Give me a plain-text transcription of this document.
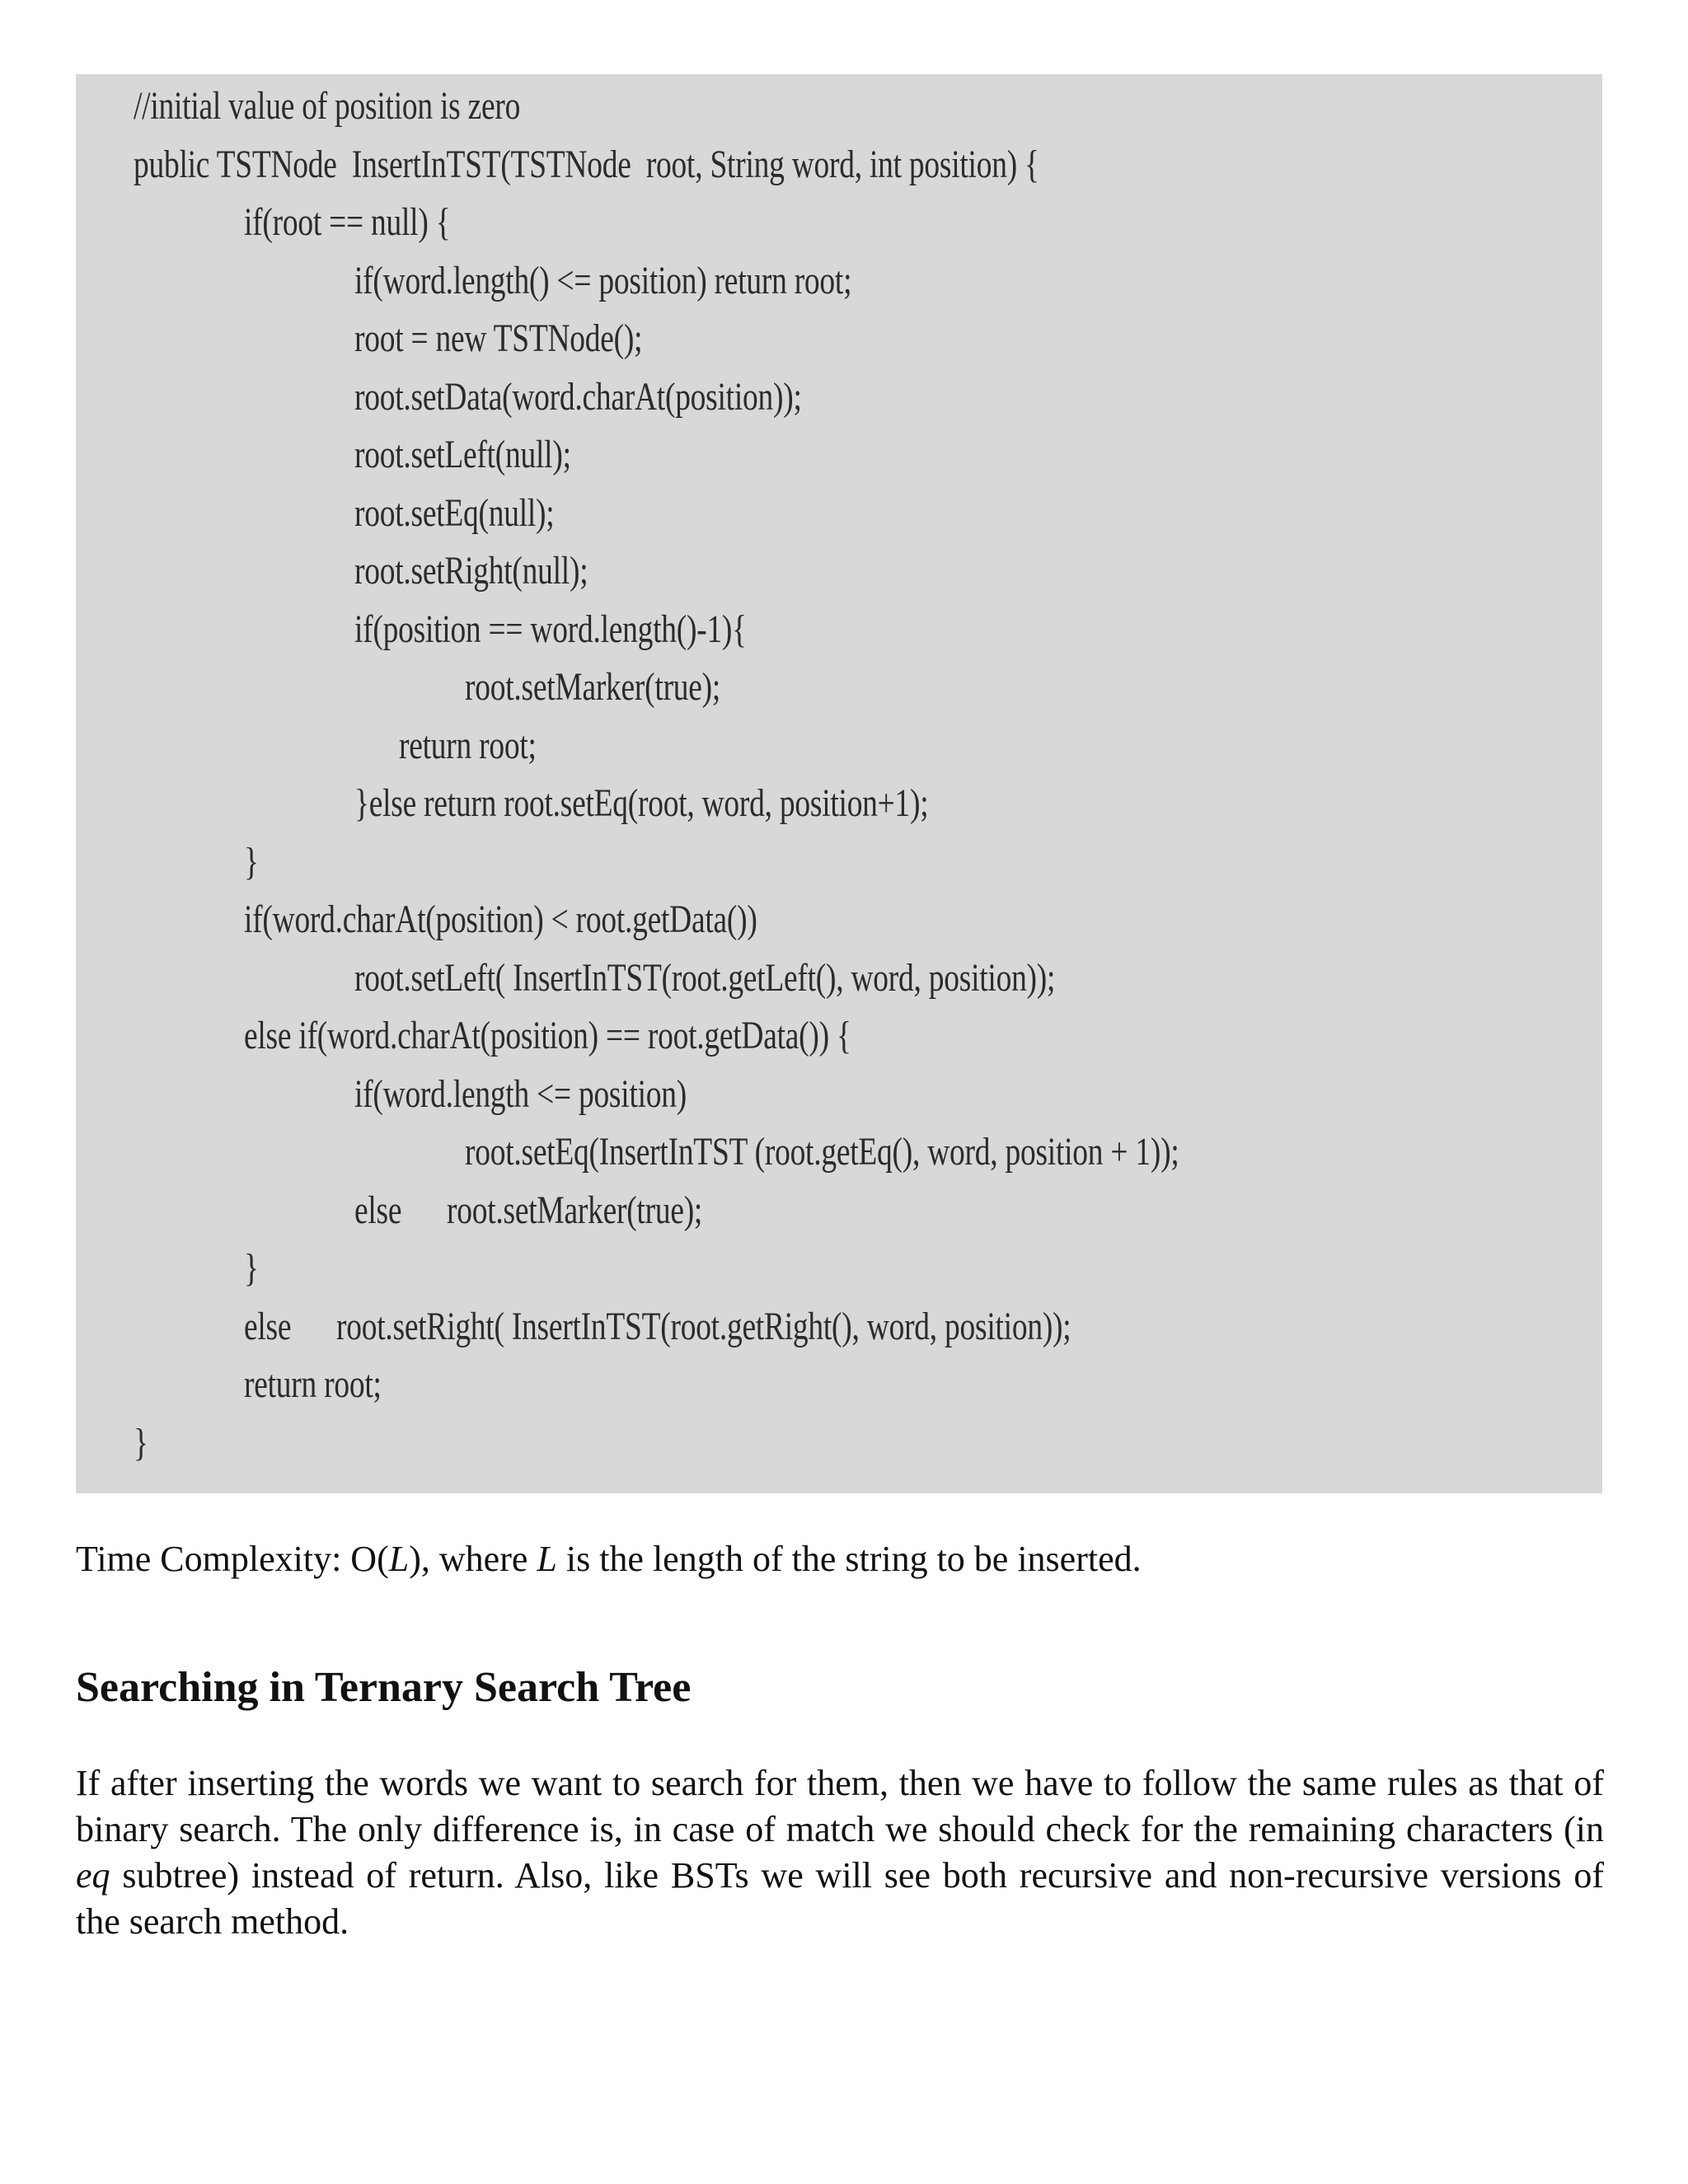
//initial value of position is zero

public TSTNode  InsertInTST(TSTNode  root, String word, int position) {

if(root == null) {

if(word.length() <= position) return root;

root = new TSTNode();

root.setData(word.charAt(position));

root.setLeft(null);

root.setEq(null);

root.setRight(null);

if(position == word.length()-1){

root.setMarker(true);

return root;

}else return root.setEq(root, word, position+1);

}

if(word.charAt(position) < root.getData())

root.setLeft( InsertInTST(root.getLeft(), word, position));

else if(word.charAt(position) == root.getData()) {

if(word.length <= position)

root.setEq(InsertInTST (root.getEq(), word, position + 1));

else      root.setMarker(true);

}

else      root.setRight( InsertInTST(root.getRight(), word, position));

return root;

}

Time Complexity: O(L), where L is the length of the string to be inserted.

Searching in Ternary Search Tree

If after inserting the words we want to search for them, then we have to follow the same rules as that of binary search. The only difference is, in case of match we should check for the remaining characters (in eq subtree) instead of return. Also, like BSTs we will see both recursive and non-recursive versions of the search method.
